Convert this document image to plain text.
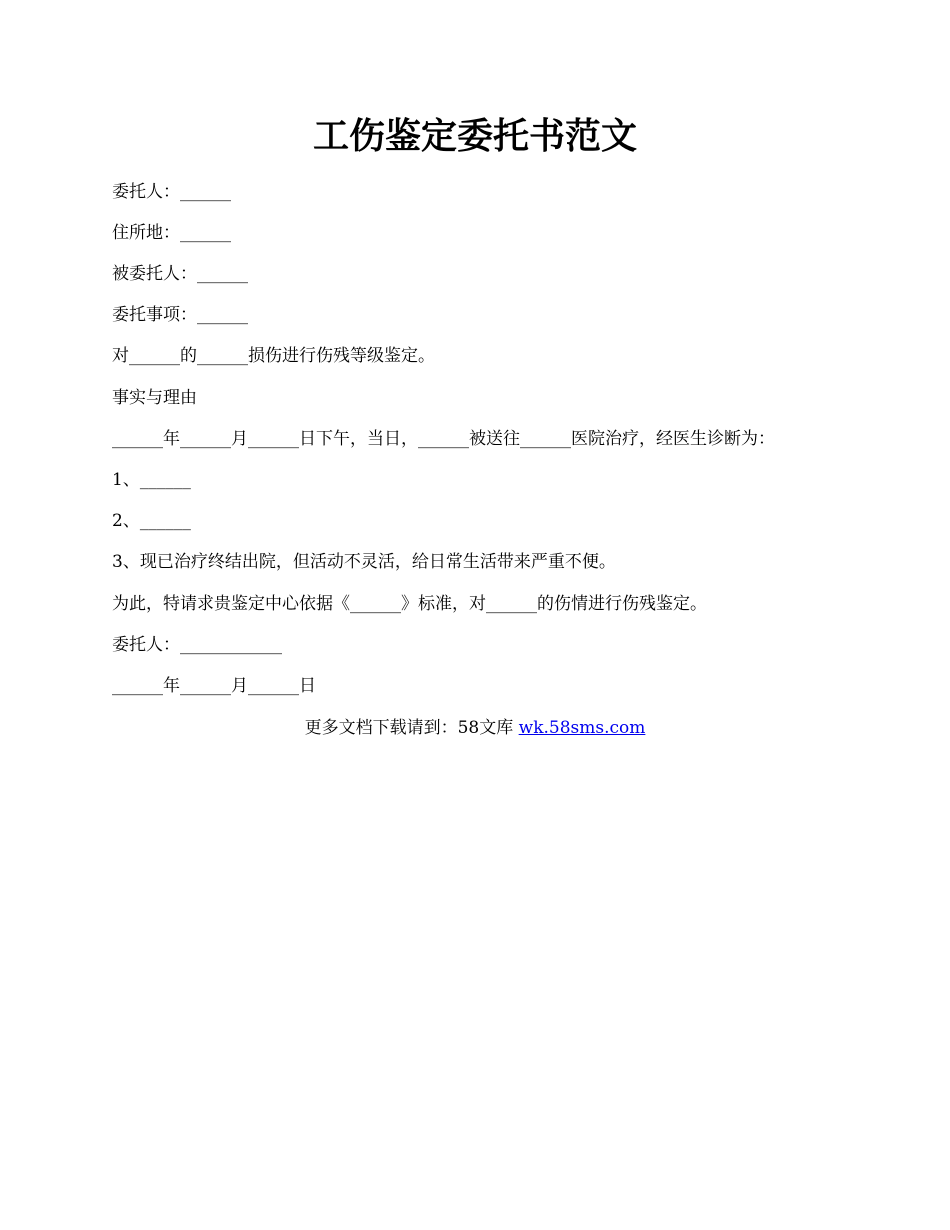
工伤鉴定委托书范文
委托人：______
住所地：______
被委托人：______
委托事项：______
对______的______损伤进行伤残等级鉴定。
事实与理由
______年______月______日下午，当日，______被送往______医院治疗，经医生诊断为：
1、______
2、______
3、现已治疗终结出院，但活动不灵活，给日常生活带来严重不便。
为此，特请求贵鉴定中心依据《______》标准，对______的伤情进行伤残鉴定。
委托人：____________
______年______月______日
更多文档下载请到：58文库 wk.58sms.com
